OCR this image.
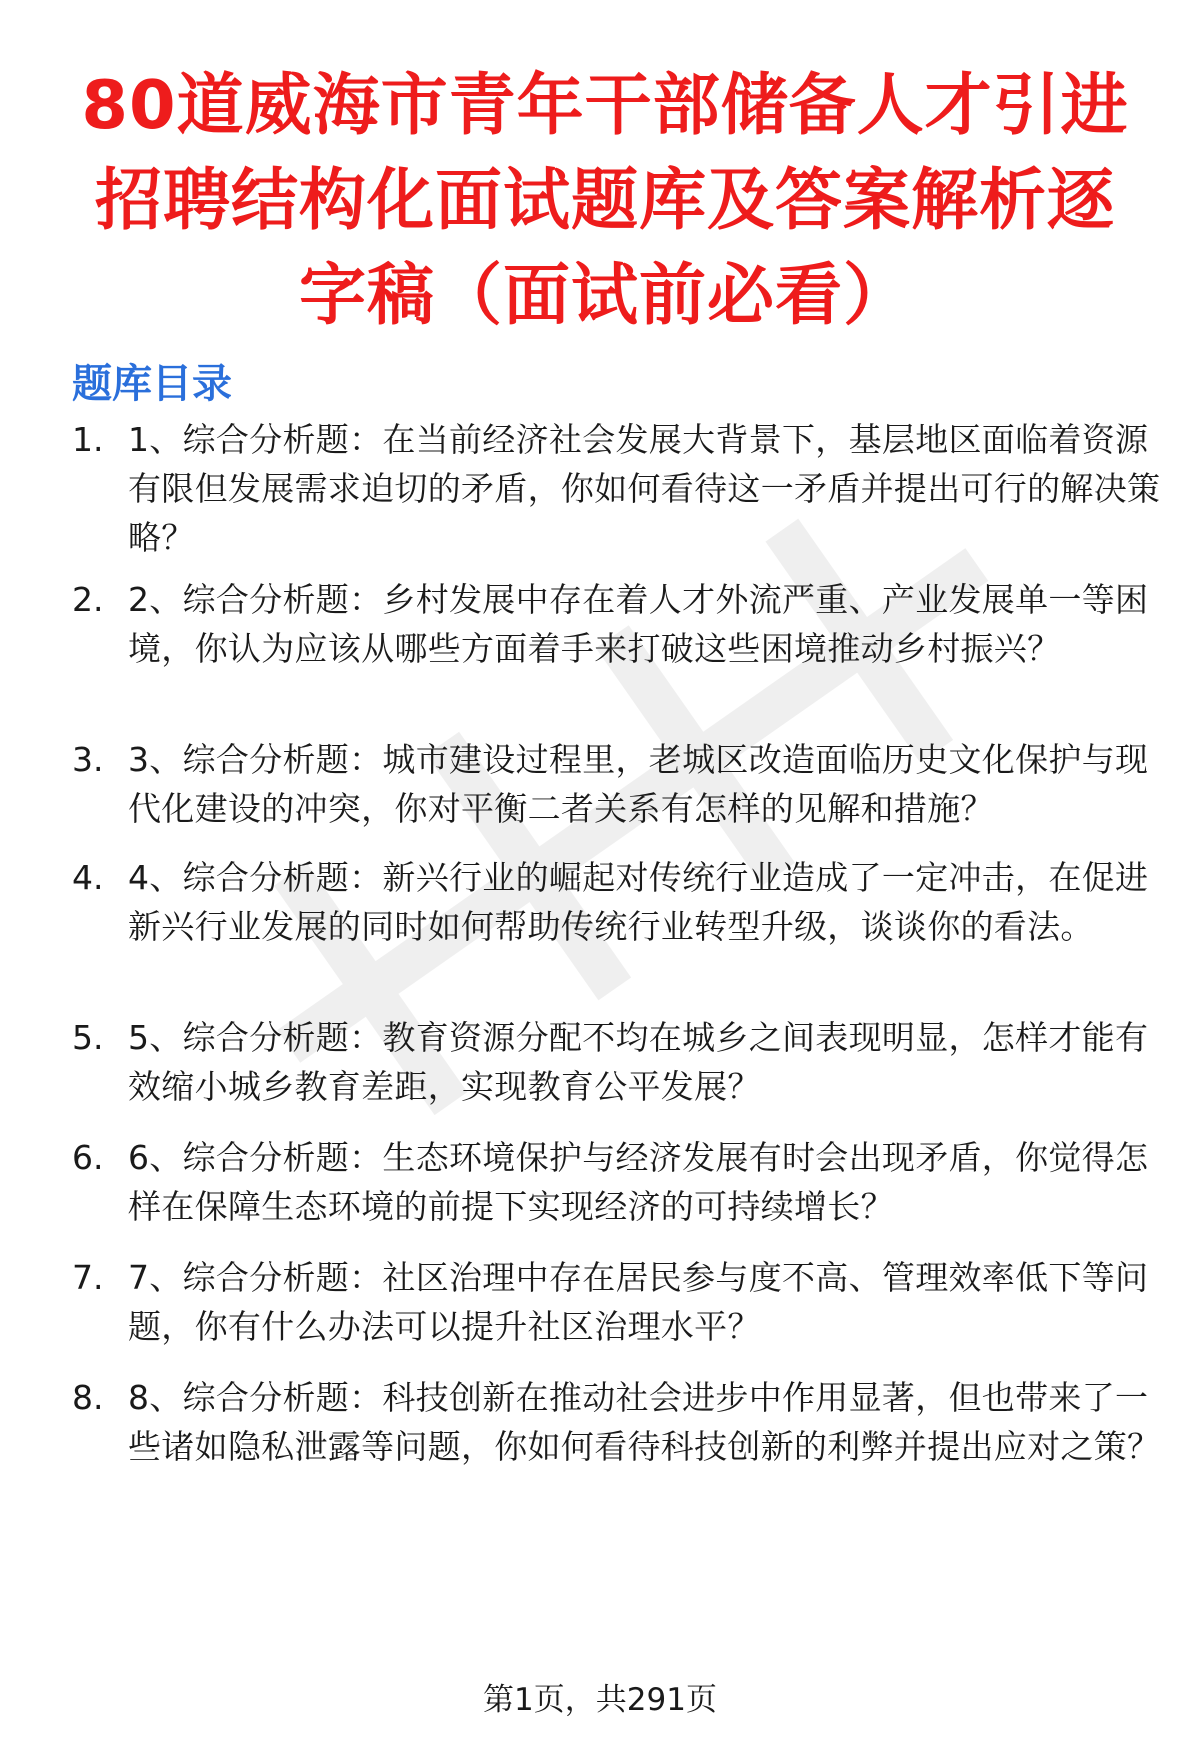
80道威海市青年干部储备人才引进招聘结构化面试题库及答案解析逐字稿（面试前必看）
题库目录
1. 1、综合分析题：在当前经济社会发展大背景下，基层地区面临着资源有限但发展需求迫切的矛盾，你如何看待这一矛盾并提出可行的解决策略？
2. 2、综合分析题：乡村发展中存在着人才外流严重、产业发展单一等困境，你认为应该从哪些方面着手来打破这些困境推动乡村振兴？
3. 3、综合分析题：城市建设过程里，老城区改造面临历史文化保护与现代化建设的冲突，你对平衡二者关系有怎样的见解和措施？
4. 4、综合分析题：新兴行业的崛起对传统行业造成了一定冲击，在促进新兴行业发展的同时如何帮助传统行业转型升级，谈谈你的看法。
5. 5、综合分析题：教育资源分配不均在城乡之间表现明显，怎样才能有效缩小城乡教育差距，实现教育公平发展？
6. 6、综合分析题：生态环境保护与经济发展有时会出现矛盾，你觉得怎样在保障生态环境的前提下实现经济的可持续增长？
7. 7、综合分析题：社区治理中存在居民参与度不高、管理效率低下等问题，你有什么办法可以提升社区治理水平？
8. 8、综合分析题：科技创新在推动社会进步中作用显著，但也带来了一些诸如隐私泄露等问题，你如何看待科技创新的利弊并提出应对之策？
第1页，共291页
